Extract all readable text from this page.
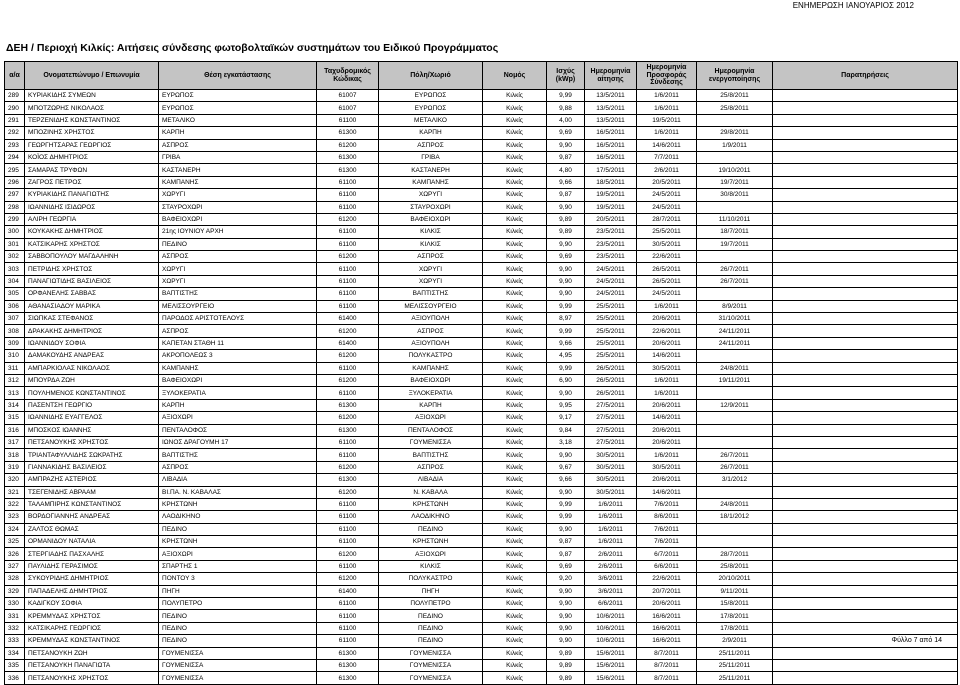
ΕΝΗΜΕΡΩΣΗ ΙΑΝΟΥΑΡΙΟΣ 2012
ΔΕΗ / Περιοχή Κιλκίς: Αιτήσεις σύνδεσης φωτοβολταϊκών συστημάτων του Ειδικού Προγράμματος
α/α	Ονοματεπώνυμο / Επωνυμία	Θέση εγκατάστασης	Ταχυδρομικός Κώδικας	Πόλη/Χωριό	Νομός	Ισχύς (kWp)	Ημερομηνία αίτησης	Ημερομηνία Προσφοράς Σύνδεσης	Ημερομηνία ενεργοποίησης	Παρατηρήσεις
289	ΚΥΡΙΑΚΙΔΗΣ ΣΥΜΕΩΝ	ΕΥΡΩΠΟΣ	61007	ΕΥΡΩΠΟΣ	Κιλκίς	9,99	13/5/2011	1/6/2011	25/8/2011	
290	ΜΠΟΤΖΩΡΗΣ ΝΙΚΟΛΑΟΣ	ΕΥΡΩΠΟΣ	61007	ΕΥΡΩΠΟΣ	Κιλκίς	9,88	13/5/2011	1/6/2011	25/8/2011	
291	ΤΕΡΖΕΝΙΔΗΣ ΚΩΝΣΤΑΝΤΙΝΟΣ	ΜΕΤΑΛΙΚΟ	61100	ΜΕΤΑΛΙΚΟ	Κιλκίς	4,00	13/5/2011	19/5/2011		
292	ΜΠΟΖΙΝΗΣ ΧΡΗΣΤΟΣ	ΚΑΡΠΗ	61300	ΚΑΡΠΗ	Κιλκίς	9,69	16/5/2011	1/6/2011	29/8/2011	
293	ΓΕΩΡΓΗΤΣΑΡΑΣ ΓΕΩΡΓΙΟΣ	ΑΣΠΡΟΣ	61200	ΑΣΠΡΟΣ	Κιλκίς	9,90	16/5/2011	14/6/2011	1/9/2011	
294	ΚΟΪΟΣ ΔΗΜΗΤΡΙΟΣ	ΓΡΙΒΑ	61300	ΓΡΙΒΑ	Κιλκίς	9,87	16/5/2011	7/7/2011		
295	ΣΑΜΑΡΑΣ ΤΡΥΦΩΝ	ΚΑΣΤΑΝΕΡΗ	61300	ΚΑΣΤΑΝΕΡΗ	Κιλκίς	4,80	17/5/2011	2/6/2011	19/10/2011	
296	ΖΑΓΡΟΣ ΠΕΤΡΟΣ	ΚΑΜΠΑΝΗΣ	61100	ΚΑΜΠΑΝΗΣ	Κιλκίς	9,66	18/5/2011	20/5/2011	19/7/2011	
297	ΚΥΡΙΑΚΙΔΗΣ ΠΑΝΑΓΙΩΤΗΣ	ΧΩΡΥΓΙ	61100	ΧΩΡΥΓΙ	Κιλκίς	9,87	19/5/2011	24/5/2011	30/8/2011	
298	ΙΩΑΝΝΙΔΗΣ ΙΣΙΔΩΡΟΣ	ΣΤΑΥΡΟΧΩΡΙ	61100	ΣΤΑΥΡΟΧΩΡΙ	Κιλκίς	9,90	19/5/2011	24/5/2011		
299	ΑΛΙΡΗ ΓΕΩΡΓΙΑ	ΒΑΦΕΙΟΧΩΡΙ	61200	ΒΑΦΕΙΟΧΩΡΙ	Κιλκίς	9,89	20/5/2011	28/7/2011	11/10/2011	
300	ΚΟΥΚΑΚΗΣ ΔΗΜΗΤΡΙΟΣ	21ης ΙΟΥΝΙΟΥ ΑΡΧΗ	61100	ΚΙΛΚΙΣ	Κιλκίς	9,89	23/5/2011	25/5/2011	18/7/2011	
301	ΚΑΤΣΙΚΑΡΗΣ ΧΡΗΣΤΟΣ	ΠΕΔΙΝΟ	61100	ΚΙΛΚΙΣ	Κιλκίς	9,90	23/5/2011	30/5/2011	19/7/2011	
302	ΣΑΒΒΟΠΟΥΛΟΥ ΜΑΓΔΑΛΗΝΗ	ΑΣΠΡΟΣ	61200	ΑΣΠΡΟΣ	Κιλκίς	9,69	23/5/2011	22/6/2011		
303	ΠΕΤΡΙΔΗΣ ΧΡΗΣΤΟΣ	ΧΩΡΥΓΙ	61100	ΧΩΡΥΓΙ	Κιλκίς	9,90	24/5/2011	26/5/2011	26/7/2011	
304	ΠΑΝΑΓΙΩΤΙΔΗΣ ΒΑΣΙΛΕΙΟΣ	ΧΩΡΥΓΙ	61100	ΧΩΡΥΓΙ	Κιλκίς	9,90	24/5/2011	26/5/2011	26/7/2011	
305	ΟΡΦΑΝΕΛΗΣ ΣΑΒΒΑΣ	ΒΑΠΤΙΣΤΗΣ	61100	ΒΑΠΤΙΣΤΗΣ	Κιλκίς	9,90	24/5/2011	24/5/2011		
306	ΑΘΑΝΑΣΙΑΔΟΥ ΜΑΡΙΚΑ	ΜΕΛΙΣΣΟΥΡΓΕΙΟ	61100	ΜΕΛΙΣΣΟΥΡΓΕΙΟ	Κιλκίς	9,99	25/5/2011	1/6/2011	8/9/2011	
307	ΣΙΩΠΚΑΣ ΣΤΕΦΑΝΟΣ	ΠΑΡΟΔΟΣ ΑΡΙΣΤΟΤΕΛΟΥΣ	61400	ΑΞΙΟΥΠΟΛΗ	Κιλκίς	8,97	25/5/2011	20/6/2011	31/10/2011	
308	ΔΡΑΚΑΚΗΣ ΔΗΜΗΤΡΙΟΣ	ΑΣΠΡΟΣ	61200	ΑΣΠΡΟΣ	Κιλκίς	9,99	25/5/2011	22/6/2011	24/11/2011	
309	ΙΩΑΝΝΙΔΟΥ ΣΟΦΙΑ	ΚΑΠΕΤΑΝ ΣΤΑΘΗ 11	61400	ΑΞΙΟΥΠΟΛΗ	Κιλκίς	9,66	25/5/2011	20/6/2011	24/11/2011	
310	ΔΑΜΑΚΟΥΔΗΣ ΑΝΔΡΕΑΣ	ΑΚΡΟΠΟΛΕΩΣ 3	61200	ΠΟΛΥΚΑΣΤΡΟ	Κιλκίς	4,95	25/5/2011	14/6/2011		
311	ΑΜΠΑΡΚΙΟΛΑΣ ΝΙΚΟΛΑΟΣ	ΚΑΜΠΑΝΗΣ	61100	ΚΑΜΠΑΝΗΣ	Κιλκίς	9,99	26/5/2011	30/5/2011	24/8/2011	
312	ΜΠΟΥΡΔΑ ΖΩΗ	ΒΑΦΕΙΟΧΩΡΙ	61200	ΒΑΦΕΙΟΧΩΡΙ	Κιλκίς	6,90	26/5/2011	1/6/2011	19/11/2011	
313	ΠΟΥΛΗΜΕΝΟΣ ΚΩΝΣΤΑΝΤΙΝΟΣ	ΞΥΛΟΚΕΡΑΤΙΑ	61100	ΞΥΛΟΚΕΡΑΤΙΑ	Κιλκίς	9,90	26/5/2011	1/6/2011		
314	ΠΑΣΕΝΤΣΗ ΓΕΩΡΓΙΟ	ΚΑΡΠΗ	61300	ΚΑΡΠΗ	Κιλκίς	9,95	27/5/2011	20/6/2011	12/9/2011	
315	ΙΩΑΝΝΙΔΗΣ ΕΥΑΓΓΕΛΟΣ	ΑΞΙΟΧΩΡΙ	61200	ΑΞΙΟΧΩΡΙ	Κιλκίς	9,17	27/5/2011	14/6/2011		
316	ΜΠΟΣΚΟΣ ΙΩΑΝΝΗΣ	ΠΕΝΤΑΛΟΦΟΣ	61300	ΠΕΝΤΑΛΟΦΟΣ	Κιλκίς	9,84	27/5/2011	20/6/2011		
317	ΠΕΤΣΑΝΟΥΚΗΣ ΧΡΗΣΤΟΣ	ΙΩΝΟΣ ΔΡΑΓΟΥΜΗ 17	61100	ΓΟΥΜΕΝΙΣΣΑ	Κιλκίς	3,18	27/5/2011	20/6/2011		
318	ΤΡΙΑΝΤΑΦΥΛΛΙΔΗΣ ΣΩΚΡΑΤΗΣ	ΒΑΠΤΙΣΤΗΣ	61100	ΒΑΠΤΙΣΤΗΣ	Κιλκίς	9,90	30/5/2011	1/6/2011	26/7/2011	
319	ΓΙΑΝΝΑΚΙΔΗΣ ΒΑΣΙΛΕΙΟΣ	ΑΣΠΡΟΣ	61200	ΑΣΠΡΟΣ	Κιλκίς	9,67	30/5/2011	30/5/2011	26/7/2011	
320	ΑΜΠΡΑΖΗΣ ΑΣΤΕΡΙΟΣ	ΛΙΒΑΔΙΑ	61300	ΛΙΒΑΔΙΑ	Κιλκίς	9,66	30/5/2011	20/6/2011	3/1/2012	
321	ΤΣΕΓΕΝΙΔΗΣ ΑΒΡΑΑΜ	ΒΙ.ΠΑ. Ν. ΚΑΒΑΛΑΣ	61200	Ν. ΚΑΒΑΛΑ	Κιλκίς	9,90	30/5/2011	14/6/2011		
322	ΤΑΛΑΜΠΙΡΗΣ ΚΩΝΣΤΑΝΤΙΝΟΣ	ΚΡΗΣΤΩΝΗ	61100	ΚΡΗΣΤΩΝΗ	Κιλκίς	9,99	1/6/2011	7/6/2011	24/8/2011	
323	ΒΟΡΔΟΓΙΑΝΝΗΣ ΑΝΔΡΕΑΣ	ΛΑΟΔΙΚΗΝΟ	61100	ΛΑΟΔΙΚΗΝΟ	Κιλκίς	9,99	1/6/2011	8/6/2011	18/1/2012	
324	ΖΑΛΤΟΣ ΘΩΜΑΣ	ΠΕΔΙΝΟ	61100	ΠΕΔΙΝΟ	Κιλκίς	9,90	1/6/2011	7/6/2011		
325	ΟΡΜΑΝΙΔΟΥ ΝΑΤΑΛΙΑ	ΚΡΗΣΤΩΝΗ	61100	ΚΡΗΣΤΩΝΗ	Κιλκίς	9,87	1/6/2011	7/6/2011		
326	ΣΤΕΡΓΙΑΔΗΣ ΠΑΣΧΑΛΗΣ	ΑΞΙΟΧΩΡΙ	61200	ΑΞΙΟΧΩΡΙ	Κιλκίς	9,87	2/6/2011	6/7/2011	28/7/2011	
327	ΠΑΥΛΙΔΗΣ ΓΕΡΑΣΙΜΟΣ	ΣΠΑΡΤΗΣ 1	61100	ΚΙΛΚΙΣ	Κιλκίς	9,69	2/6/2011	6/6/2011	25/8/2011	
328	ΣΥΚΟΥΡΙΔΗΣ ΔΗΜΗΤΡΙΟΣ	ΠΟΝΤΟΥ 3	61200	ΠΟΛΥΚΑΣΤΡΟ	Κιλκίς	9,20	3/6/2011	22/6/2011	20/10/2011	
329	ΠΑΠΑΔΕΛΗΣ ΔΗΜΗΤΡΙΟΣ	ΠΗΓΗ	61400	ΠΗΓΗ	Κιλκίς	9,90	3/6/2011	20/7/2011	9/11/2011	
330	ΚΑΔΙΓΚΟΥ ΣΟΦΙΑ	ΠΟΛΥΠΕΤΡΟ	61100	ΠΟΛΥΠΕΤΡΟ	Κιλκίς	9,90	6/6/2011	20/6/2011	15/8/2011	
331	ΚΡΕΜΜΥΔΑΣ ΧΡΗΣΤΟΣ	ΠΕΔΙΝΟ	61100	ΠΕΔΙΝΟ	Κιλκίς	9,90	10/6/2011	16/6/2011	17/8/2011	
332	ΚΑΤΣΙΚΑΡΗΣ ΓΕΩΡΓΙΟΣ	ΠΕΔΙΝΟ	61100	ΠΕΔΙΝΟ	Κιλκίς	9,90	10/6/2011	16/6/2011	17/8/2011	
333	ΚΡΕΜΜΥΔΑΣ ΚΩΝΣΤΑΝΤΙΝΟΣ	ΠΕΔΙΝΟ	61100	ΠΕΔΙΝΟ	Κιλκίς	9,90	10/6/2011	16/6/2011	2/9/2011	
334	ΠΕΤΣΑΝΟΥΚΗ ΖΩΗ	ΓΟΥΜΕΝΙΣΣΑ	61300	ΓΟΥΜΕΝΙΣΣΑ	Κιλκίς	9,89	15/6/2011	8/7/2011	25/11/2011	
335	ΠΕΤΣΑΝΟΥΚΗ ΠΑΝΑΓΙΩΤΑ	ΓΟΥΜΕΝΙΣΣΑ	61300	ΓΟΥΜΕΝΙΣΣΑ	Κιλκίς	9,89	15/6/2011	8/7/2011	25/11/2011	
336	ΠΕΤΣΑΝΟΥΚΗΣ ΧΡΗΣΤΟΣ	ΓΟΥΜΕΝΙΣΣΑ	61300	ΓΟΥΜΕΝΙΣΣΑ	Κιλκίς	9,89	15/6/2011	8/7/2011	25/11/2011	
Φύλλο 7 από 14
